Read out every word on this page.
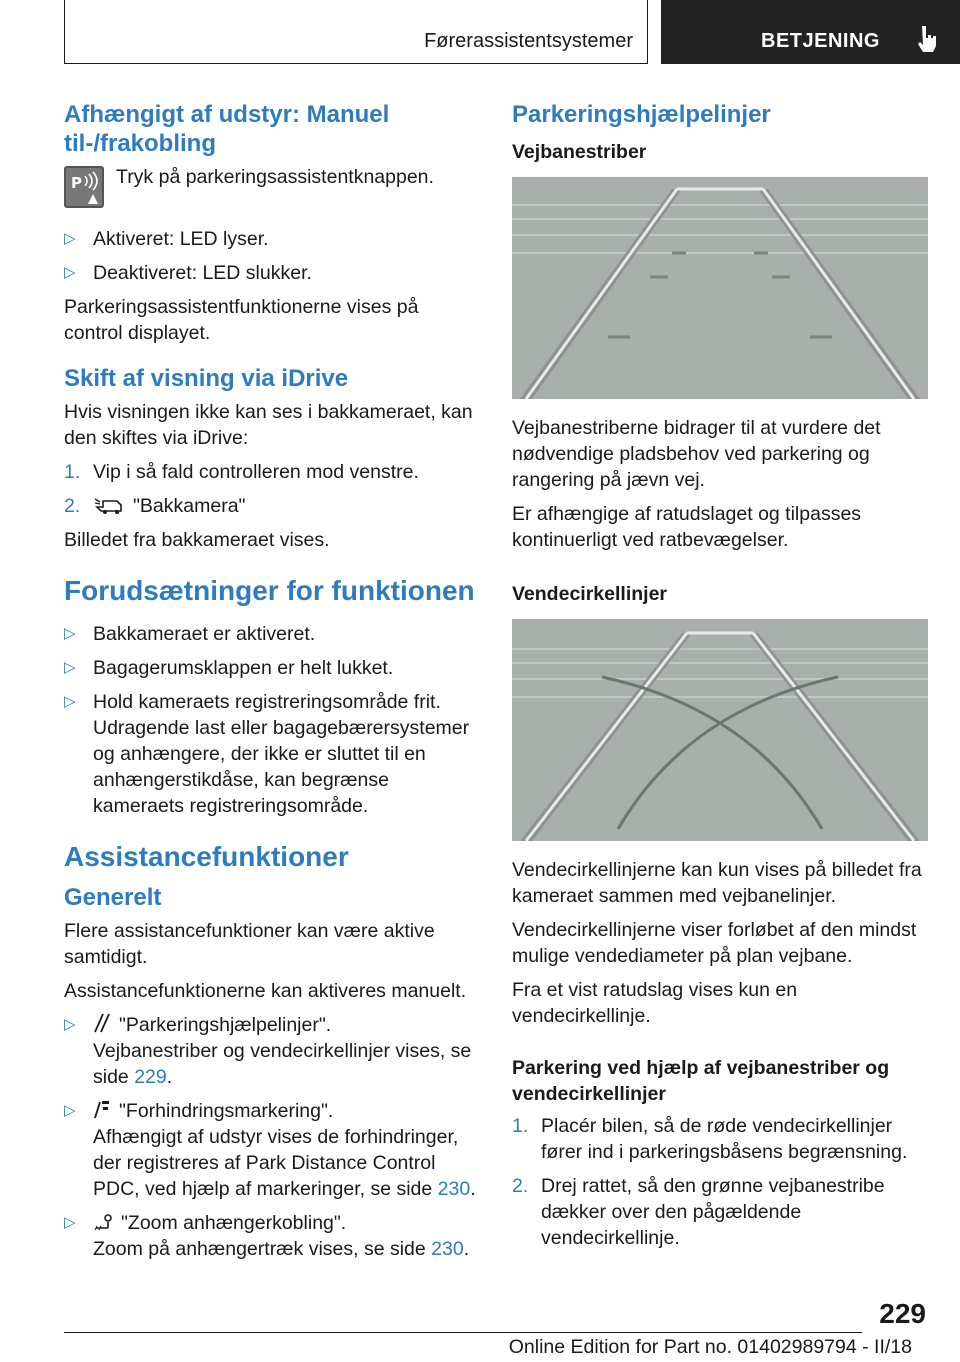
Førerassistentsystemer	BETJENING
Afhængigt af udstyr: Manuel til-/frakobling
P Tryk på parkeringsassistentknappen.

▷ Aktiveret: LED lyser.
▷ Deaktiveret: LED slukker.

Parkeringsassistentfunktionerne vises på control displayet.

Skift af visning via iDrive

Hvis visningen ikke kan ses i bakkameraet, kan den skiftes via iDrive:

1. Vip i så fald controlleren mod venstre.
2.	"Bakkamera"

Billedet fra bakkameraet vises.

Forudsætninger for funktionen
▷ Bakkameraet er aktiveret.
▷ Bagagerumsklappen er helt lukket.
▷ Hold kameraets registreringsområde frit. Udragende last eller bagagebærersystemer og anhængere, der ikke er sluttet til en anhængerstikdåse, kan begrænse kameraets registreringsområde.
Assistancefunktioner
Generelt

Flere assistancefunktioner kan være aktive samtidigt.

Assistancefunktionerne kan aktiveres manuelt.

▷ "Parkeringshjælpelinjer".
Vejbanestriber og vendecirkellinjer vises, se side 229.
▷ "Forhindringsmarkering".
Afhængigt af udstyr vises de forhindringer, der registreres af Park Distance Control PDC, ved hjælp af markeringer, se side 230.
▷ "Zoom anhængerkobling".
Zoom på anhængertræk vises, se side 230.
Parkeringshjælpelinjer
Vejbanestriber

Vejbanestriberne bidrager til at vurdere det nødvendige pladsbehov ved parkering og rangering på jævn vej.

Er afhængige af ratudslaget og tilpasses kontinuerligt ved ratbevægelser.

Vendecirkellinjer

Vendecirkellinjerne kan kun vises på billedet fra kameraet sammen med vejbanelinjer.

Vendecirkellinjerne viser forløbet af den mindst mulige vendediameter på plan vejbane.

Fra et vist ratudslag vises kun en vendecirkellinje.

Parkering ved hjælp af vejbanestriber og vendecirkellinjer
1. Placér bilen, så de røde vendecirkellinjer fører ind i parkeringsbåsens begrænsning.
2. Drej rattet, så den grønne vejbanestribe dækker over den pågældende vendecirkellinje.
229
Online Edition for Part no. 01402989794 - II/18
